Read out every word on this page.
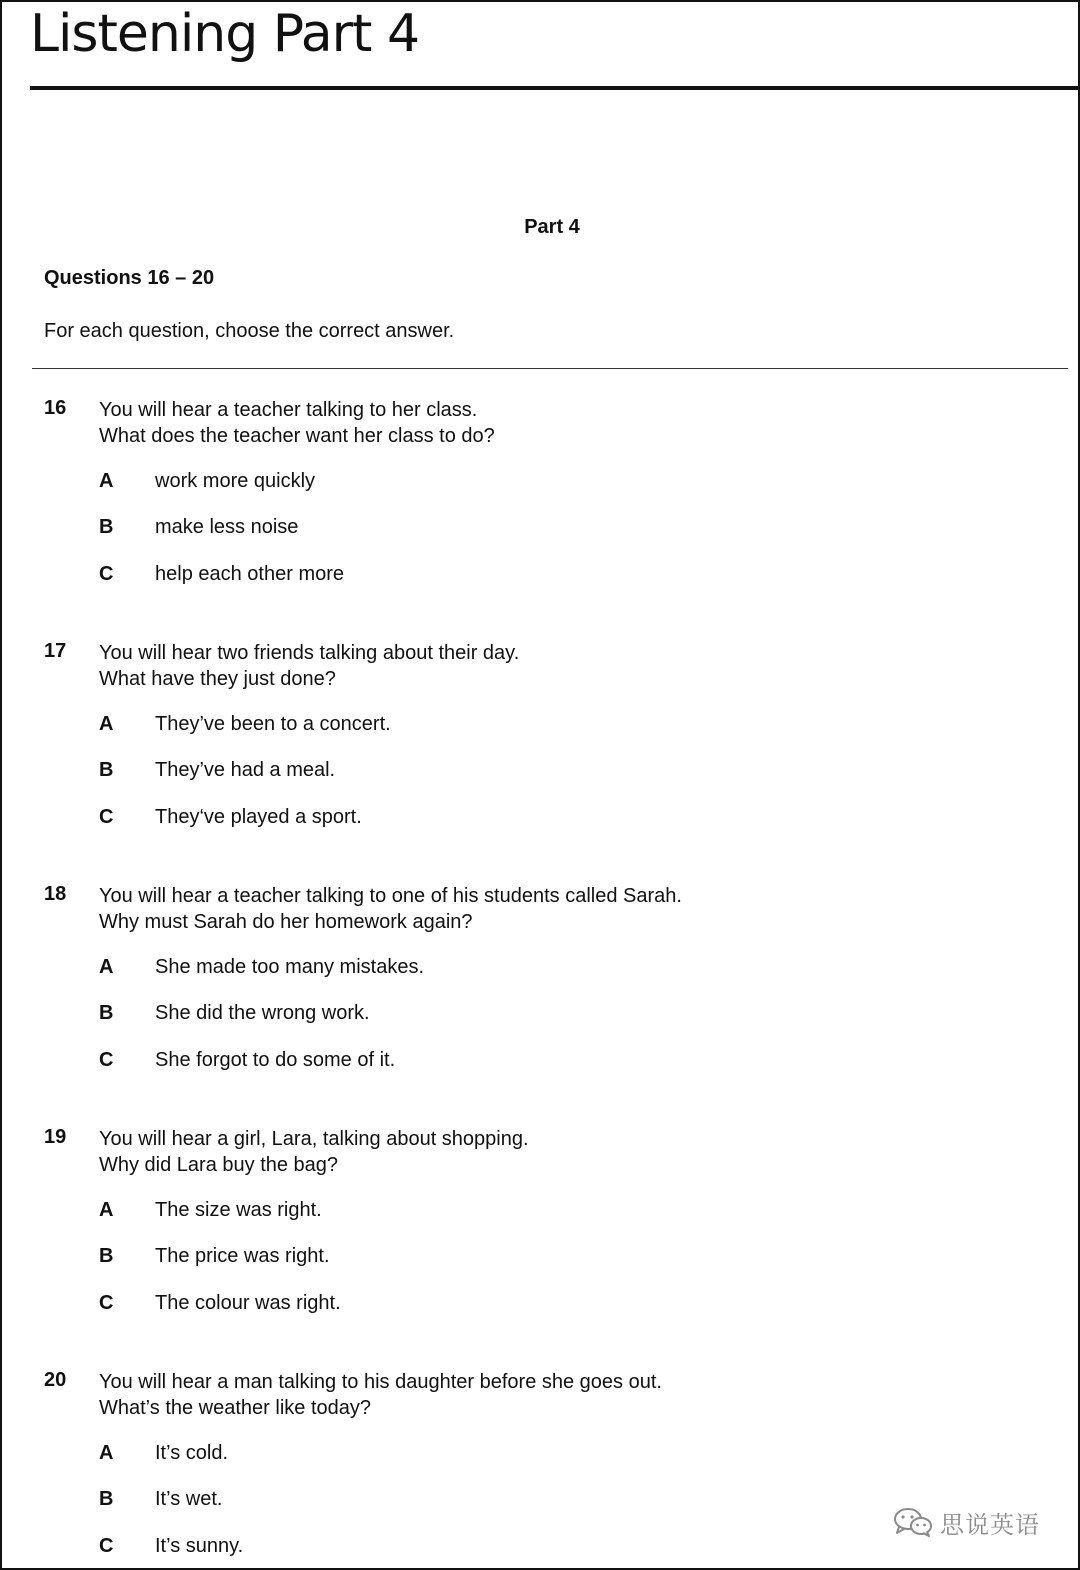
Listening Part 4
Part 4
Questions 16 – 20
For each question, choose the correct answer.
16 You will hear a teacher talking to her class.
What does the teacher want her class to do?
A work more quickly
B make less noise
C help each other more
17 You will hear two friends talking about their day.
What have they just done?
A They’ve been to a concert.
B They’ve had a meal.
C They‘ve played a sport.
18 You will hear a teacher talking to one of his students called Sarah.
Why must Sarah do her homework again?
A She made too many mistakes.
B She did the wrong work.
C She forgot to do some of it.
19 You will hear a girl, Lara, talking about shopping.
Why did Lara buy the bag?
A The size was right.
B The price was right.
C The colour was right.
20 You will hear a man talking to his daughter before she goes out.
What’s the weather like today?
A It’s cold.
B It’s wet.
C It’s sunny.
思说英语
